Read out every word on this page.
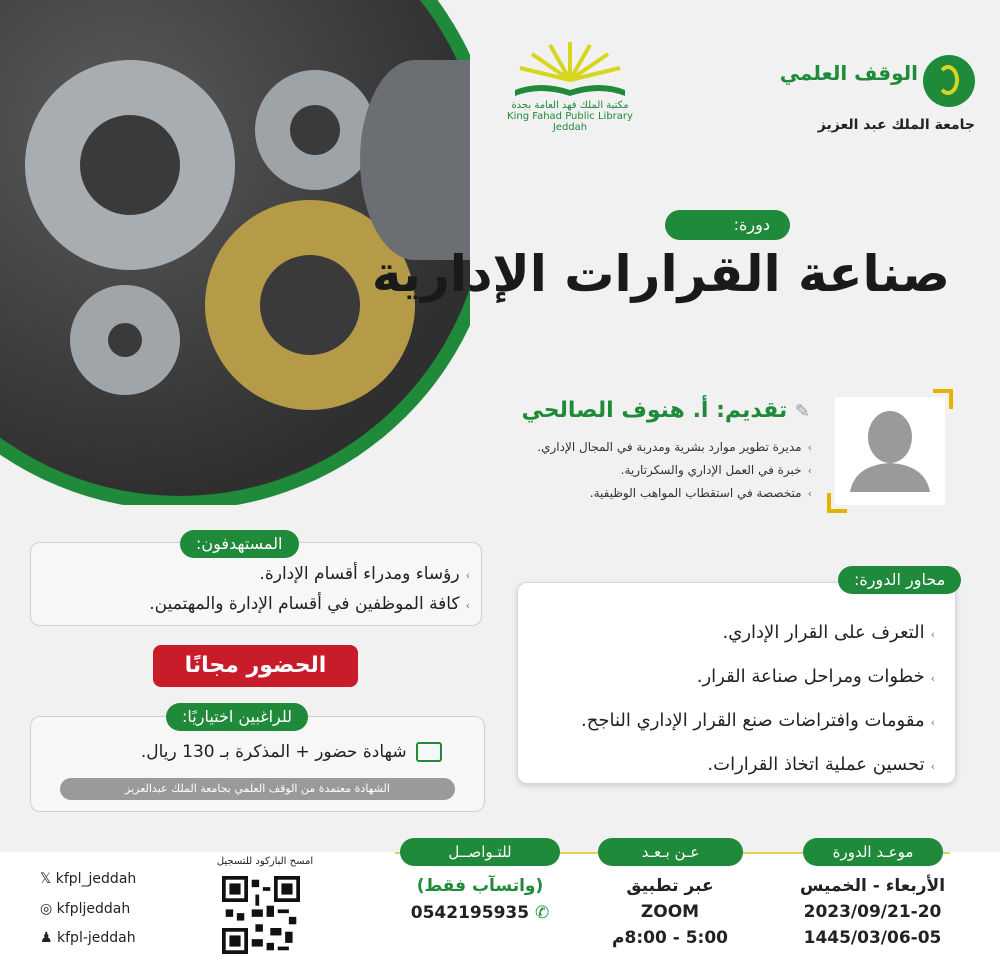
مكتبة الملك فهد العامة بجدة
King Fahad Public Library Jeddah
الوقف العلمي
جامعة الملك عبد العزيز
دورة:
صناعة القرارات الإدارية
✎ تقديم: أ. هنوف الصالحي
›مديرة تطوير موارد بشرية ومدربة في المجال الإداري.
›خبرة في العمل الإداري والسكرتارية.
›متخصصة في استقطاب المواهب الوظيفية.
المستهدفون:
›رؤساء ومدراء أقسام الإدارة.
›كافة الموظفين في أقسام الإدارة والمهتمين.
الحضور مجانًا
للراغبين اختياريًا:
شهادة حضور + المذكرة بـ 130 ريال.
الشهادة معتمدة من الوقف العلمي بجامعة الملك عبدالعزيز
محاور الدورة:
›التعرف على القرار الإداري.
›خطوات ومراحل صناعة القرار.
›مقومات وافتراضات صنع القرار الإداري الناجح.
›تحسين عملية اتخاذ القرارات.
موعـد الدورة
الأربعاء - الخميس
2023/09/21-20
1445/03/06-05
عـن بـعـد
عبر تطبيق
ZOOM
5:00 - 8:00م
للتـواصــل
(واتسآب فقط)
0542195935 ✆
امسح الباركود للتسجيل
𝕏 kfpl_jeddah
◎ kfpljeddah
♟ kfpl-jeddah
